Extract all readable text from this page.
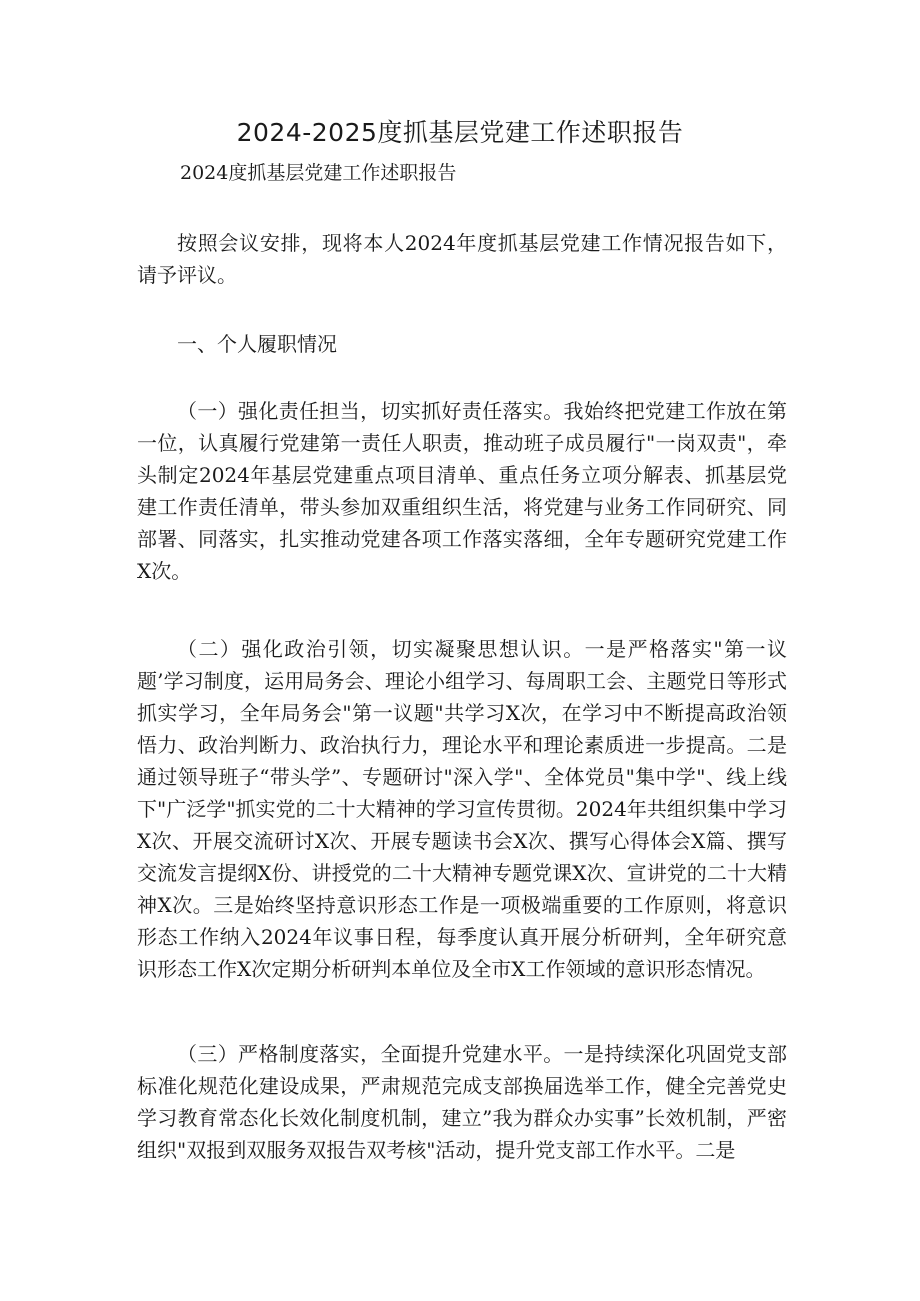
2024-2025度抓基层党建工作述职报告
2024度抓基层党建工作述职报告

按照会议安排，现将本人2024年度抓基层党建工作情况报告如下，请予评议。

一、个人履职情况

（一）强化责任担当，切实抓好责任落实。我始终把党建工作放在第一位，认真履行党建第一责任人职责，推动班子成员履行"一岗双责"，牵头制定2024年基层党建重点项目清单、重点任务立项分解表、抓基层党建工作责任清单，带头参加双重组织生活，将党建与业务工作同研究、同部署、同落实，扎实推动党建各项工作落实落细，全年专题研究党建工作X次。

（二）强化政治引领，切实凝聚思想认识。一是严格落实"第一议题’学习制度，运用局务会、理论小组学习、每周职工会、主题党日等形式抓实学习，全年局务会"第一议题"共学习X次，在学习中不断提高政治领悟力、政治判断力、政治执行力，理论水平和理论素质进一步提高。二是通过领导班子“带头学”、专题研讨"深入学"、全体党员"集中学"、线上线下"广泛学"抓实党的二十大精神的学习宣传贯彻。2024年共组织集中学习X次、开展交流研讨X次、开展专题读书会X次、撰写心得体会X篇、撰写交流发言提纲X份、讲授党的二十大精神专题党课X次、宣讲党的二十大精神X次。三是始终坚持意识形态工作是一项极端重要的工作原则，将意识形态工作纳入2024年议事日程，每季度认真开展分析研判，全年研究意识形态工作X次定期分析研判本单位及全市X工作领域的意识形态情况。

（三）严格制度落实，全面提升党建水平。一是持续深化巩固党支部标准化规范化建设成果，严肃规范完成支部换届选举工作，健全完善党史学习教育常态化长效化制度机制，建立”我为群众办实事”长效机制，严密组织"双报到双服务双报告双考核"活动，提升党支部工作水平。二是
